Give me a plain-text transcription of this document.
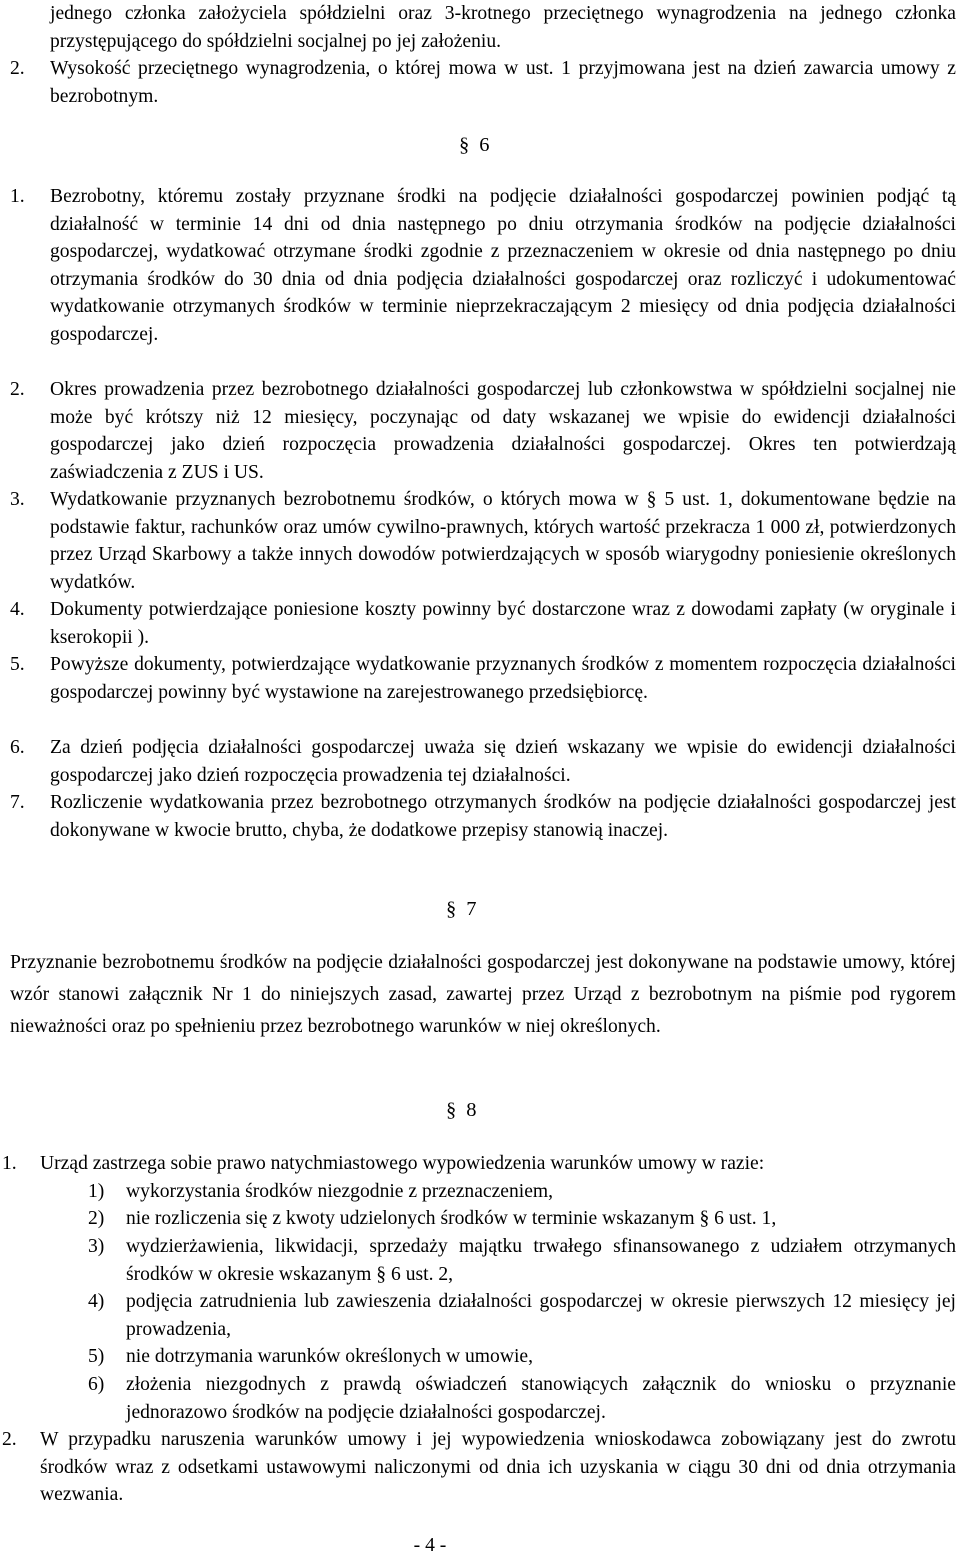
jednego członka założyciela spółdzielni oraz 3-krotnego przeciętnego wynagrodzenia na jednego członka przystępującego do spółdzielni socjalnej po jej założeniu.

2.	Wysokość przeciętnego wynagrodzenia, o której mowa w ust. 1 przyjmowana jest na dzień zawarcia umowy z bezrobotnym.

§ 6
1.	Bezrobotny, któremu zostały przyznane środki na podjęcie działalności gospodarczej powinien podjąć tą działalność w terminie 14 dni od dnia następnego po dniu otrzymania środków na podjęcie działalności gospodarczej, wydatkować otrzymane środki zgodnie z przeznaczeniem w okresie od dnia następnego po dniu otrzymania środków do 30 dnia od dnia podjęcia działalności gospodarczej oraz rozliczyć i udokumentować wydatkowanie otrzymanych środków w terminie nieprzekraczającym 2 miesięcy od dnia podjęcia działalności gospodarczej.

2.	Okres prowadzenia przez bezrobotnego działalności gospodarczej lub członkowstwa w spółdzielni socjalnej nie może być krótszy niż 12 miesięcy, poczynając od daty wskazanej we wpisie do ewidencji działalności gospodarczej jako dzień rozpoczęcia prowadzenia działalności gospodarczej. Okres ten potwierdzają zaświadczenia z ZUS i US.

3.	Wydatkowanie przyznanych bezrobotnemu środków, o których mowa w § 5 ust. 1, dokumentowane będzie na podstawie faktur, rachunków oraz umów cywilno-prawnych, których wartość przekracza 1 000 zł, potwierdzonych przez Urząd Skarbowy a także innych dowodów potwierdzających w sposób wiarygodny poniesienie określonych wydatków.

4.	Dokumenty potwierdzające poniesione koszty powinny być dostarczone wraz z dowodami zapłaty (w oryginale i kserokopii ).

5.	Powyższe dokumenty, potwierdzające wydatkowanie przyznanych środków z momentem rozpoczęcia działalności gospodarczej powinny być wystawione na zarejestrowanego przedsiębiorcę.

6.	Za dzień podjęcia działalności gospodarczej uważa się dzień wskazany we wpisie do ewidencji działalności gospodarczej jako dzień rozpoczęcia prowadzenia tej działalności.

7.	Rozliczenie wydatkowania przez bezrobotnego otrzymanych środków na podjęcie działalności gospodarczej jest dokonywane w kwocie brutto, chyba, że dodatkowe przepisy stanowią inaczej.

§ 7

Przyznanie bezrobotnemu środków na podjęcie działalności gospodarczej jest dokonywane na podstawie umowy, której wzór stanowi załącznik Nr 1 do niniejszych zasad, zawartej przez Urząd z bezrobotnym na piśmie pod rygorem nieważności oraz po spełnieniu przez bezrobotnego warunków w niej określonych.

§ 8
1.	Urząd zastrzega sobie prawo natychmiastowego wypowiedzenia warunków umowy w razie:

1)	wykorzystania środków niezgodnie z przeznaczeniem,

2)	nie rozliczenia się z kwoty udzielonych środków w terminie wskazanym § 6 ust. 1,

3)	wydzierżawienia, likwidacji, sprzedaży majątku trwałego sfinansowanego z udziałem otrzymanych środków w okresie wskazanym § 6 ust. 2,

4)	podjęcia zatrudnienia lub zawieszenia działalności gospodarczej w okresie pierwszych 12 miesięcy jej prowadzenia,

5)	nie dotrzymania warunków określonych w umowie,

6)	złożenia niezgodnych z prawdą oświadczeń stanowiących załącznik do wniosku o przyznanie jednorazowo środków na podjęcie działalności gospodarczej.

2.	W przypadku naruszenia warunków umowy i jej wypowiedzenia wnioskodawca zobowiązany jest do zwrotu środków wraz z odsetkami ustawowymi naliczonymi od dnia ich uzyskania w ciągu 30 dni od dnia otrzymania wezwania.

- 4 -
